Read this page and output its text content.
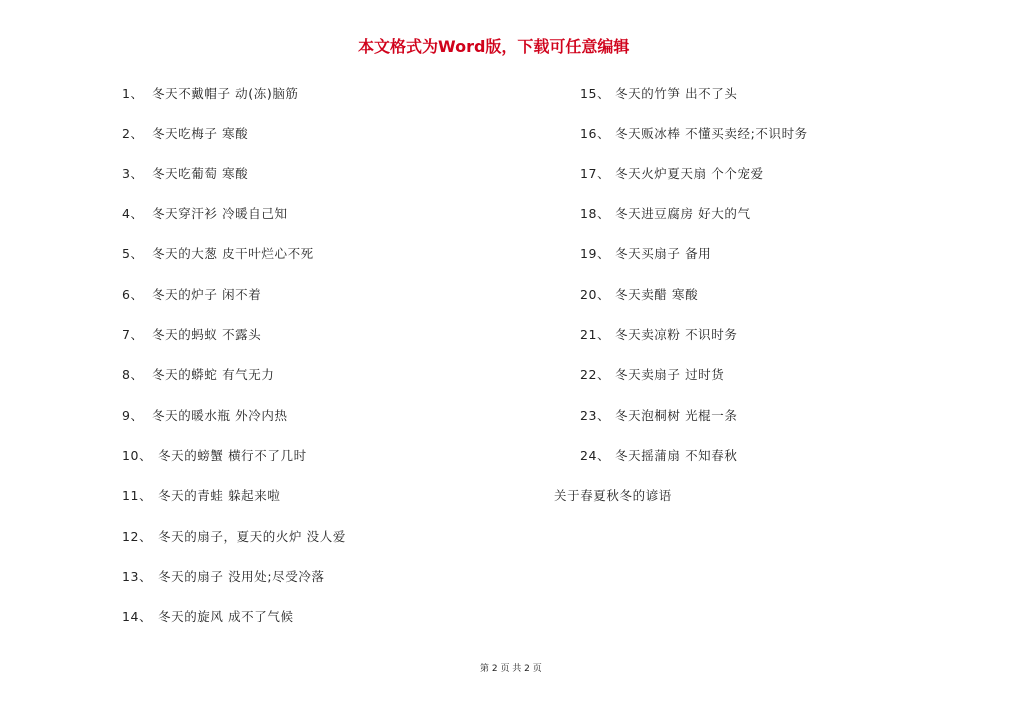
本文格式为Word版，下载可任意编辑
1、 冬天不戴帽子 动(冻)脑筋
2、 冬天吃梅子 寒酸
3、 冬天吃葡萄 寒酸
4、 冬天穿汗衫 冷暖自己知
5、 冬天的大葱 皮干叶烂心不死
6、 冬天的炉子 闲不着
7、 冬天的蚂蚁 不露头
8、 冬天的蟒蛇 有气无力
9、 冬天的暖水瓶 外冷内热
10、 冬天的螃蟹 横行不了几时
11、 冬天的青蛙 躲起来啦
12、 冬天的扇子，夏天的火炉 没人爱
13、 冬天的扇子 没用处;尽受冷落
14、 冬天的旋风 成不了气候
15、 冬天的竹笋 出不了头
16、 冬天贩冰棒 不懂买卖经;不识时务
17、 冬天火炉夏天扇 个个宠爱
18、 冬天进豆腐房 好大的气
19、 冬天买扇子 备用
20、 冬天卖醋 寒酸
21、 冬天卖凉粉 不识时务
22、 冬天卖扇子 过时货
23、 冬天泡桐树 光棍一条
24、 冬天摇蒲扇 不知春秋
关于春夏秋冬的谚语
第 2 页 共 2 页
